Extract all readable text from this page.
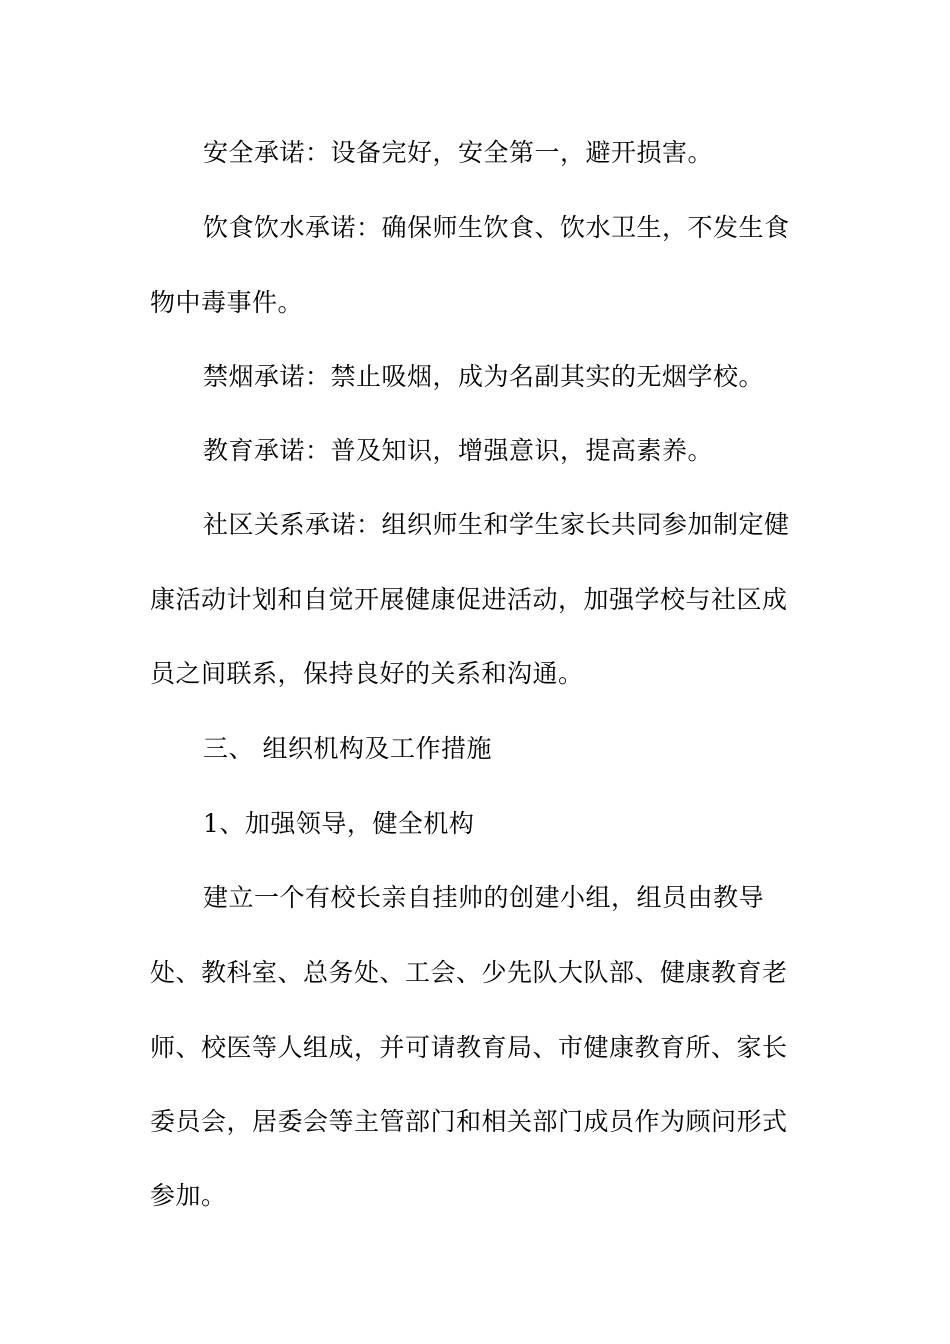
安全承诺：设备完好，安全第一，避开损害。
饮食饮水承诺：确保师生饮食、饮水卫生，不发生食
物中毒事件。
禁烟承诺：禁止吸烟，成为名副其实的无烟学校。
教育承诺：普及知识，增强意识，提高素养。
社区关系承诺：组织师生和学生家长共同参加制定健
康活动计划和自觉开展健康促进活动，加强学校与社区成
员之间联系，保持良好的关系和沟通。
三、 组织机构及工作措施
1、加强领导，健全机构
建立一个有校长亲自挂帅的创建小组，组员由教导
处、教科室、总务处、工会、少先队大队部、健康教育老
师、校医等人组成，并可请教育局、市健康教育所、家长
委员会，居委会等主管部门和相关部门成员作为顾问形式
参加。
